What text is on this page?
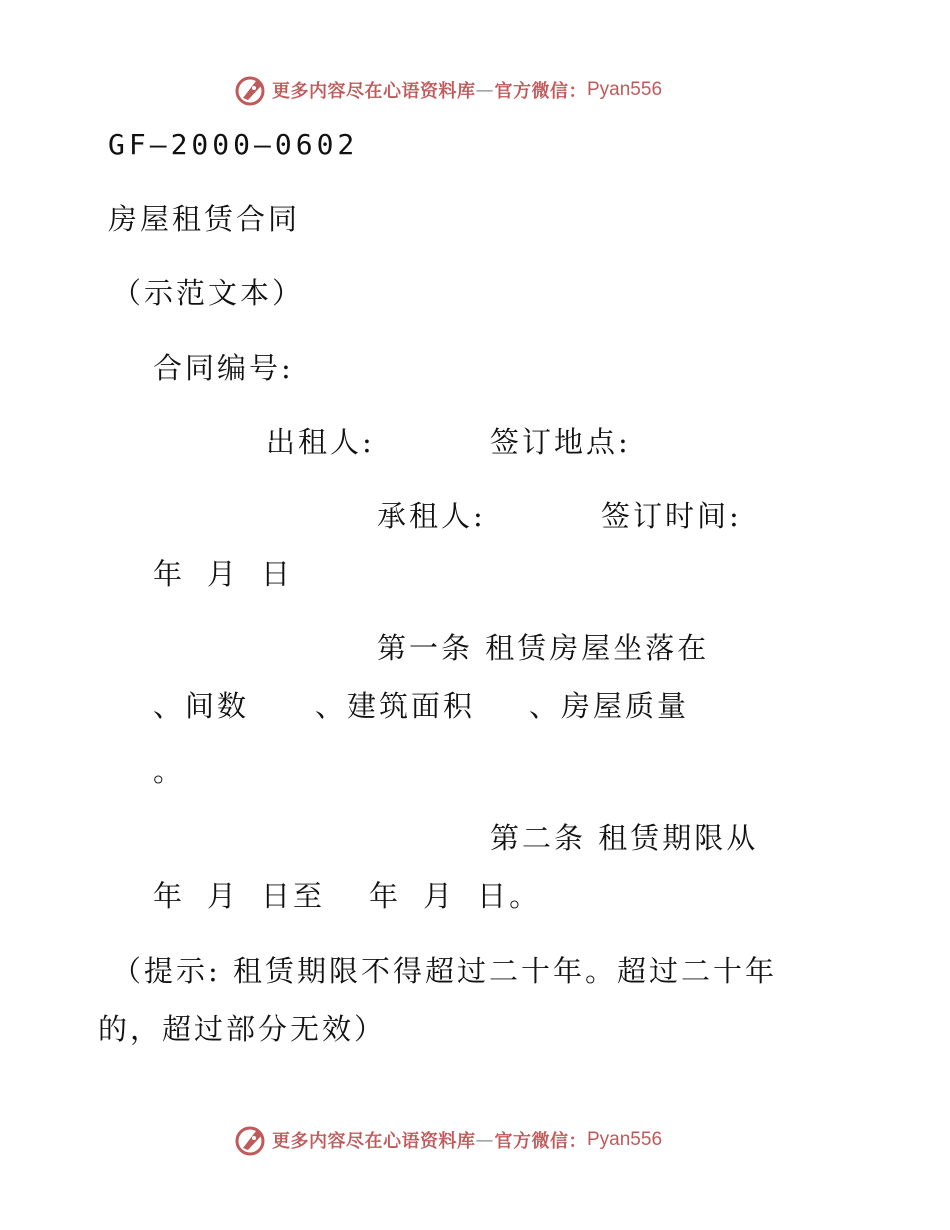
更多内容尽在心语资料库 — 官方微信： Pyan556
GF—2000—0602
房屋租赁合同
（示范文本）
合同编号:
出租人:	签订地点:
承租人:	签订时间:
年 月 日
第一条 租赁房屋坐落在
、间数 、建筑面积 、房屋质量
。
第二条 租赁期限从
年 月 日至 年 月 日。
（提示: 租赁期限不得超过二十年。超过二十年
的，超过部分无效）
更多内容尽在心语资料库 — 官方微信： Pyan556
